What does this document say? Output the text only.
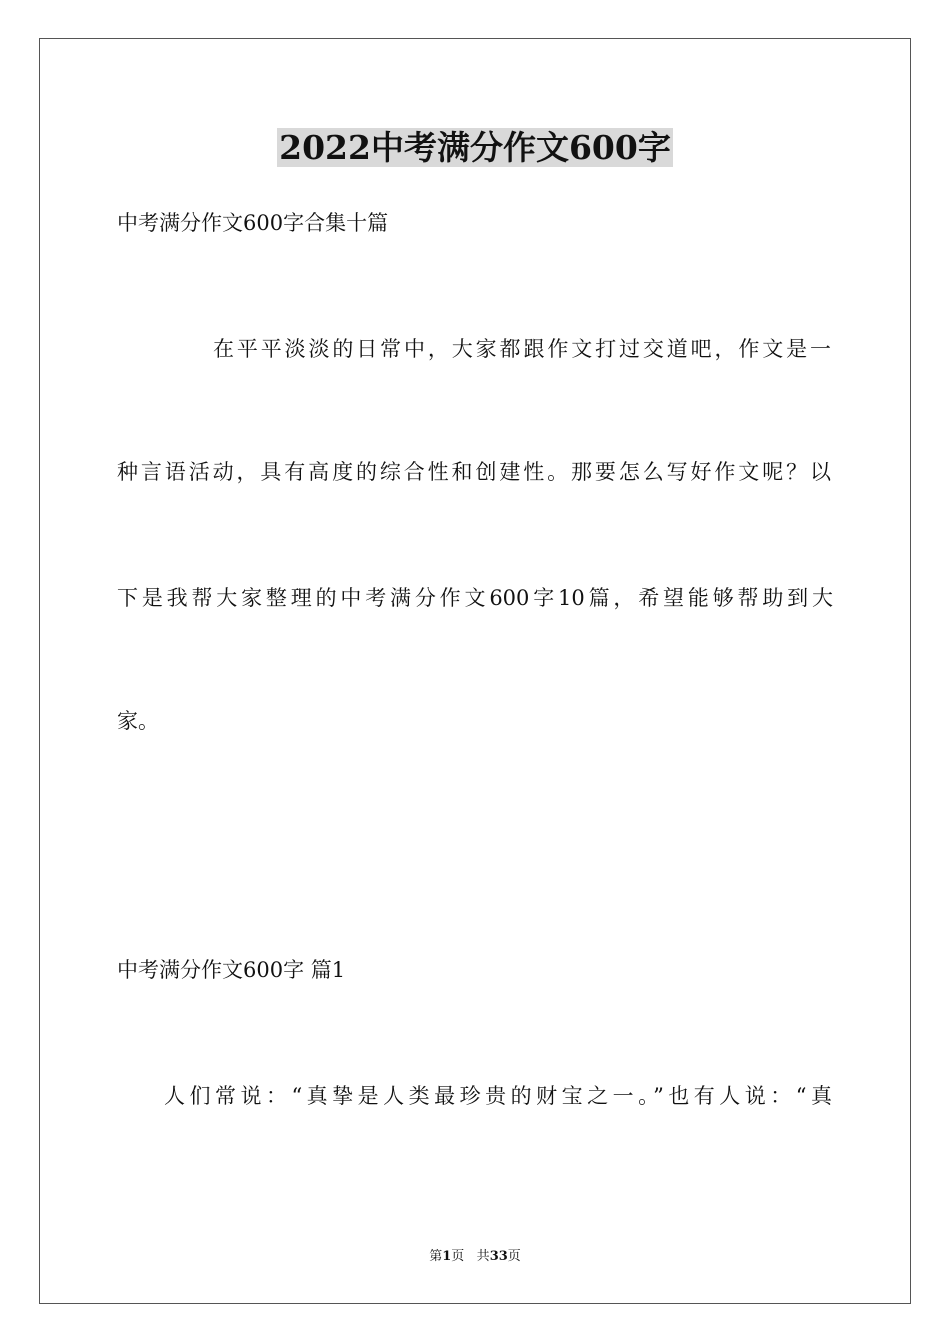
2022中考满分作文600字
中考满分作文600字合集十篇
在平平淡淡的日常中，大家都跟作文打过交道吧，作文是一
种言语活动，具有高度的综合性和创建性。那要怎么写好作文呢？以
下是我帮大家整理的中考满分作文600字10篇，希望能够帮助到大
家。
中考满分作文600字 篇1
人们常说：“真挚是人类最珍贵的财宝之一。”也有人说：“真
第1页 共33页
